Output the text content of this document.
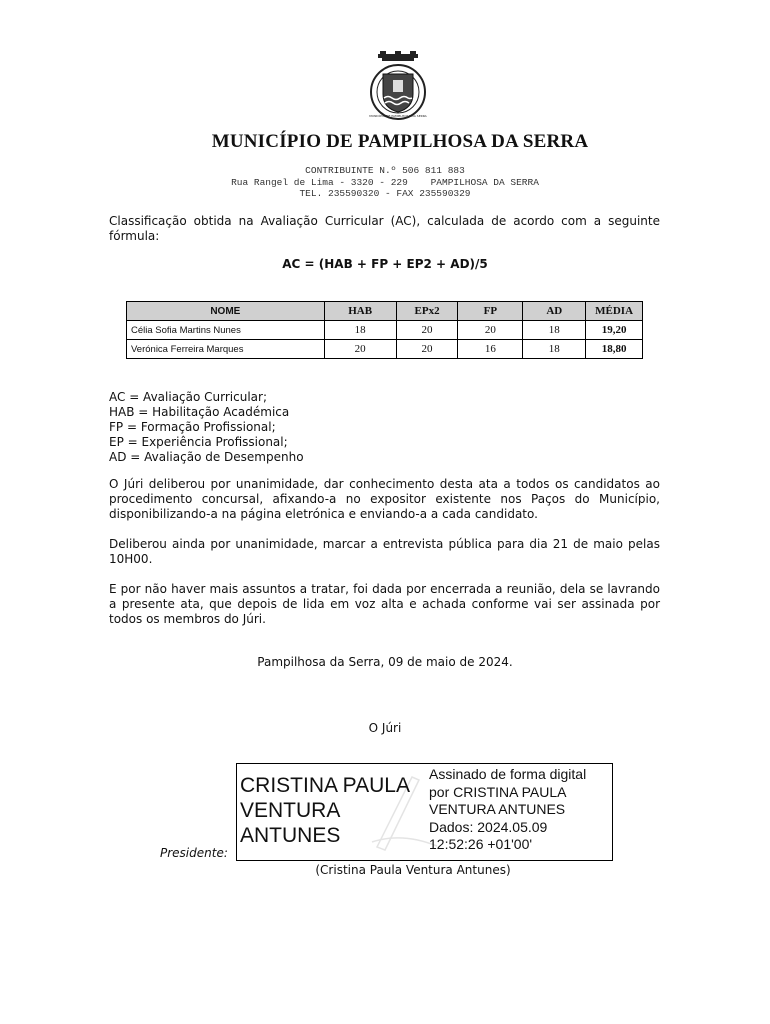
MUNICÍPIO DE PAMPILHOSA DA SERRA
MUNICÍPIO DE PAMPILHOSA DA SERRA
CONTRIBUINTE N.º 506 811 883
Rua Rangel de Lima - 3320 - 229    PAMPILHOSA DA SERRA
TEL. 235590320 - FAX 235590329
Classificação obtida na Avaliação Curricular (AC), calculada de acordo com a seguinte fórmula:
AC = (HAB + FP + EP2 + AD)/5
NOME	HAB	EPx2	FP	AD	MÉDIA
Célia Sofia Martins Nunes	18	20	20	18	19,20
Verónica Ferreira Marques	20	20	16	18	18,80
AC = Avaliação Curricular;
HAB = Habilitação Académica
FP = Formação Profissional;
EP = Experiência Profissional;
AD = Avaliação de Desempenho
O Júri deliberou por unanimidade, dar conhecimento desta ata a todos os candidatos ao procedimento concursal, afixando-a no expositor existente nos Paços do Município, disponibilizando-a na página eletrónica e enviando-a a cada candidato.
Deliberou ainda por unanimidade, marcar a entrevista pública para dia 21 de maio pelas 10H00.
E por não haver mais assuntos a tratar, foi dada por encerrada a reunião, dela se lavrando a presente ata, que depois de lida em voz alta e achada conforme vai ser assinada por todos os membros do Júri.
Pampilhosa da Serra, 09 de maio de 2024.
O Júri
Presidente:
CRISTINA PAULA
VENTURA
ANTUNES
Assinado de forma digital
por CRISTINA PAULA
VENTURA ANTUNES
Dados: 2024.05.09
12:52:26 +01'00'
(Cristina Paula Ventura Antunes)
